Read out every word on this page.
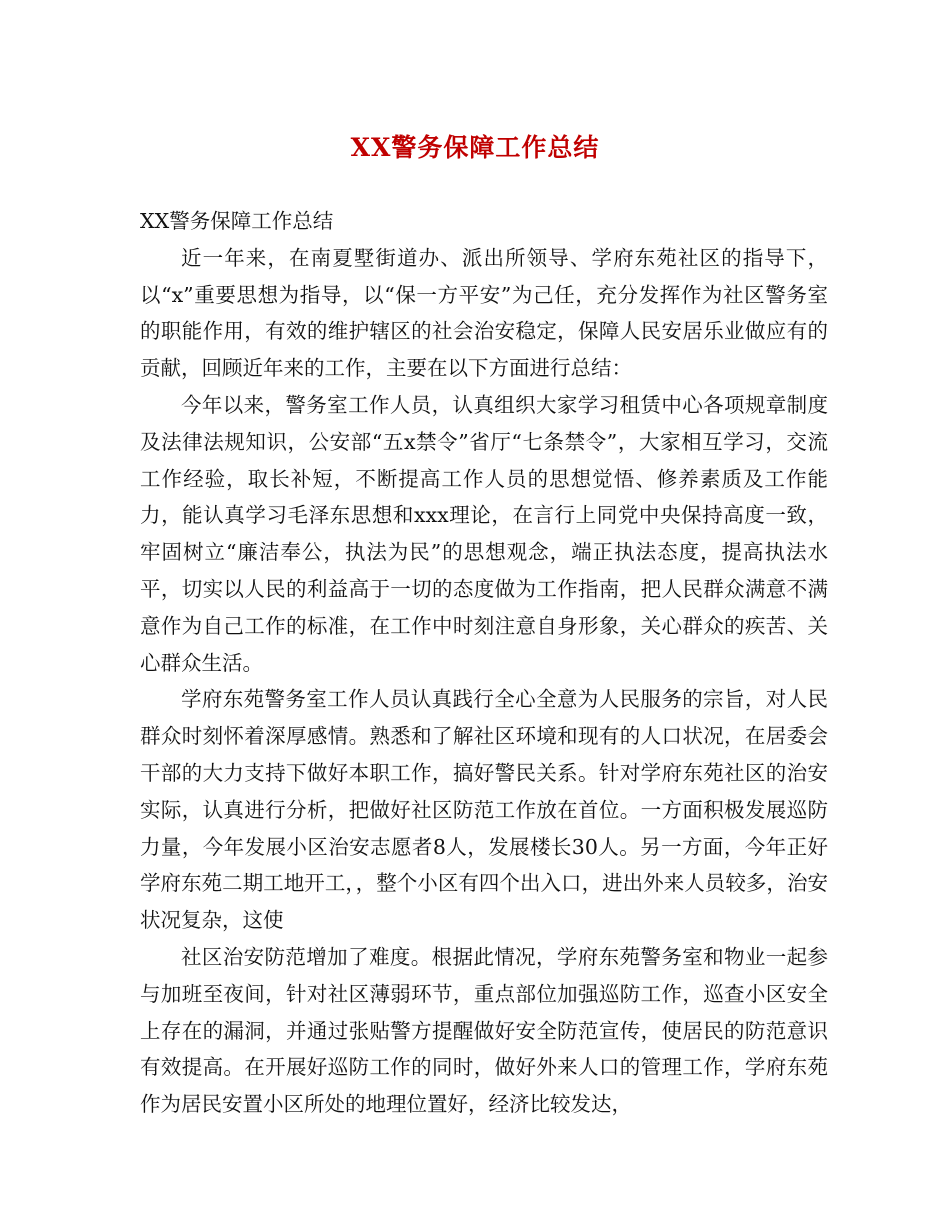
XX警务保障工作总结

XX警务保障工作总结

近一年来，在南夏墅街道办、派出所领导、学府东苑社区的指导下，以“x”重要思想为指导，以“保一方平安”为己任，充分发挥作为社区警务室的职能作用，有效的维护辖区的社会治安稳定，保障人民安居乐业做应有的贡献，回顾近年来的工作，主要在以下方面进行总结：

今年以来，警务室工作人员，认真组织大家学习租赁中心各项规章制度及法律法规知识，公安部“五x禁令”省厅“七条禁令”，大家相互学习，交流工作经验，取长补短，不断提高工作人员的思想觉悟、修养素质及工作能力，能认真学习毛泽东思想和xxx理论，在言行上同党中央保持高度一致，牢固树立“廉洁奉公，执法为民”的思想观念，端正执法态度，提高执法水平，切实以人民的利益高于一切的态度做为工作指南，把人民群众满意不满意作为自己工作的标准，在工作中时刻注意自身形象，关心群众的疾苦、关心群众生活。

学府东苑警务室工作人员认真践行全心全意为人民服务的宗旨，对人民群众时刻怀着深厚感情。熟悉和了解社区环境和现有的人口状况，在居委会干部的大力支持下做好本职工作，搞好警民关系。针对学府东苑社区的治安实际，认真进行分析，把做好社区防范工作放在首位。一方面积极发展巡防力量，今年发展小区治安志愿者8人，发展楼长30人。另一方面，今年正好学府东苑二期工地开工，，整个小区有四个出入口，进出外来人员较多，治安状况复杂，这使

社区治安防范增加了难度。根据此情况，学府东苑警务室和物业一起参与加班至夜间，针对社区薄弱环节，重点部位加强巡防工作，巡查小区安全上存在的漏洞，并通过张贴警方提醒做好安全防范宣传，使居民的防范意识有效提高。在开展好巡防工作的同时，做好外来人口的管理工作，学府东苑作为居民安置小区所处的地理位置好，经济比较发达，
